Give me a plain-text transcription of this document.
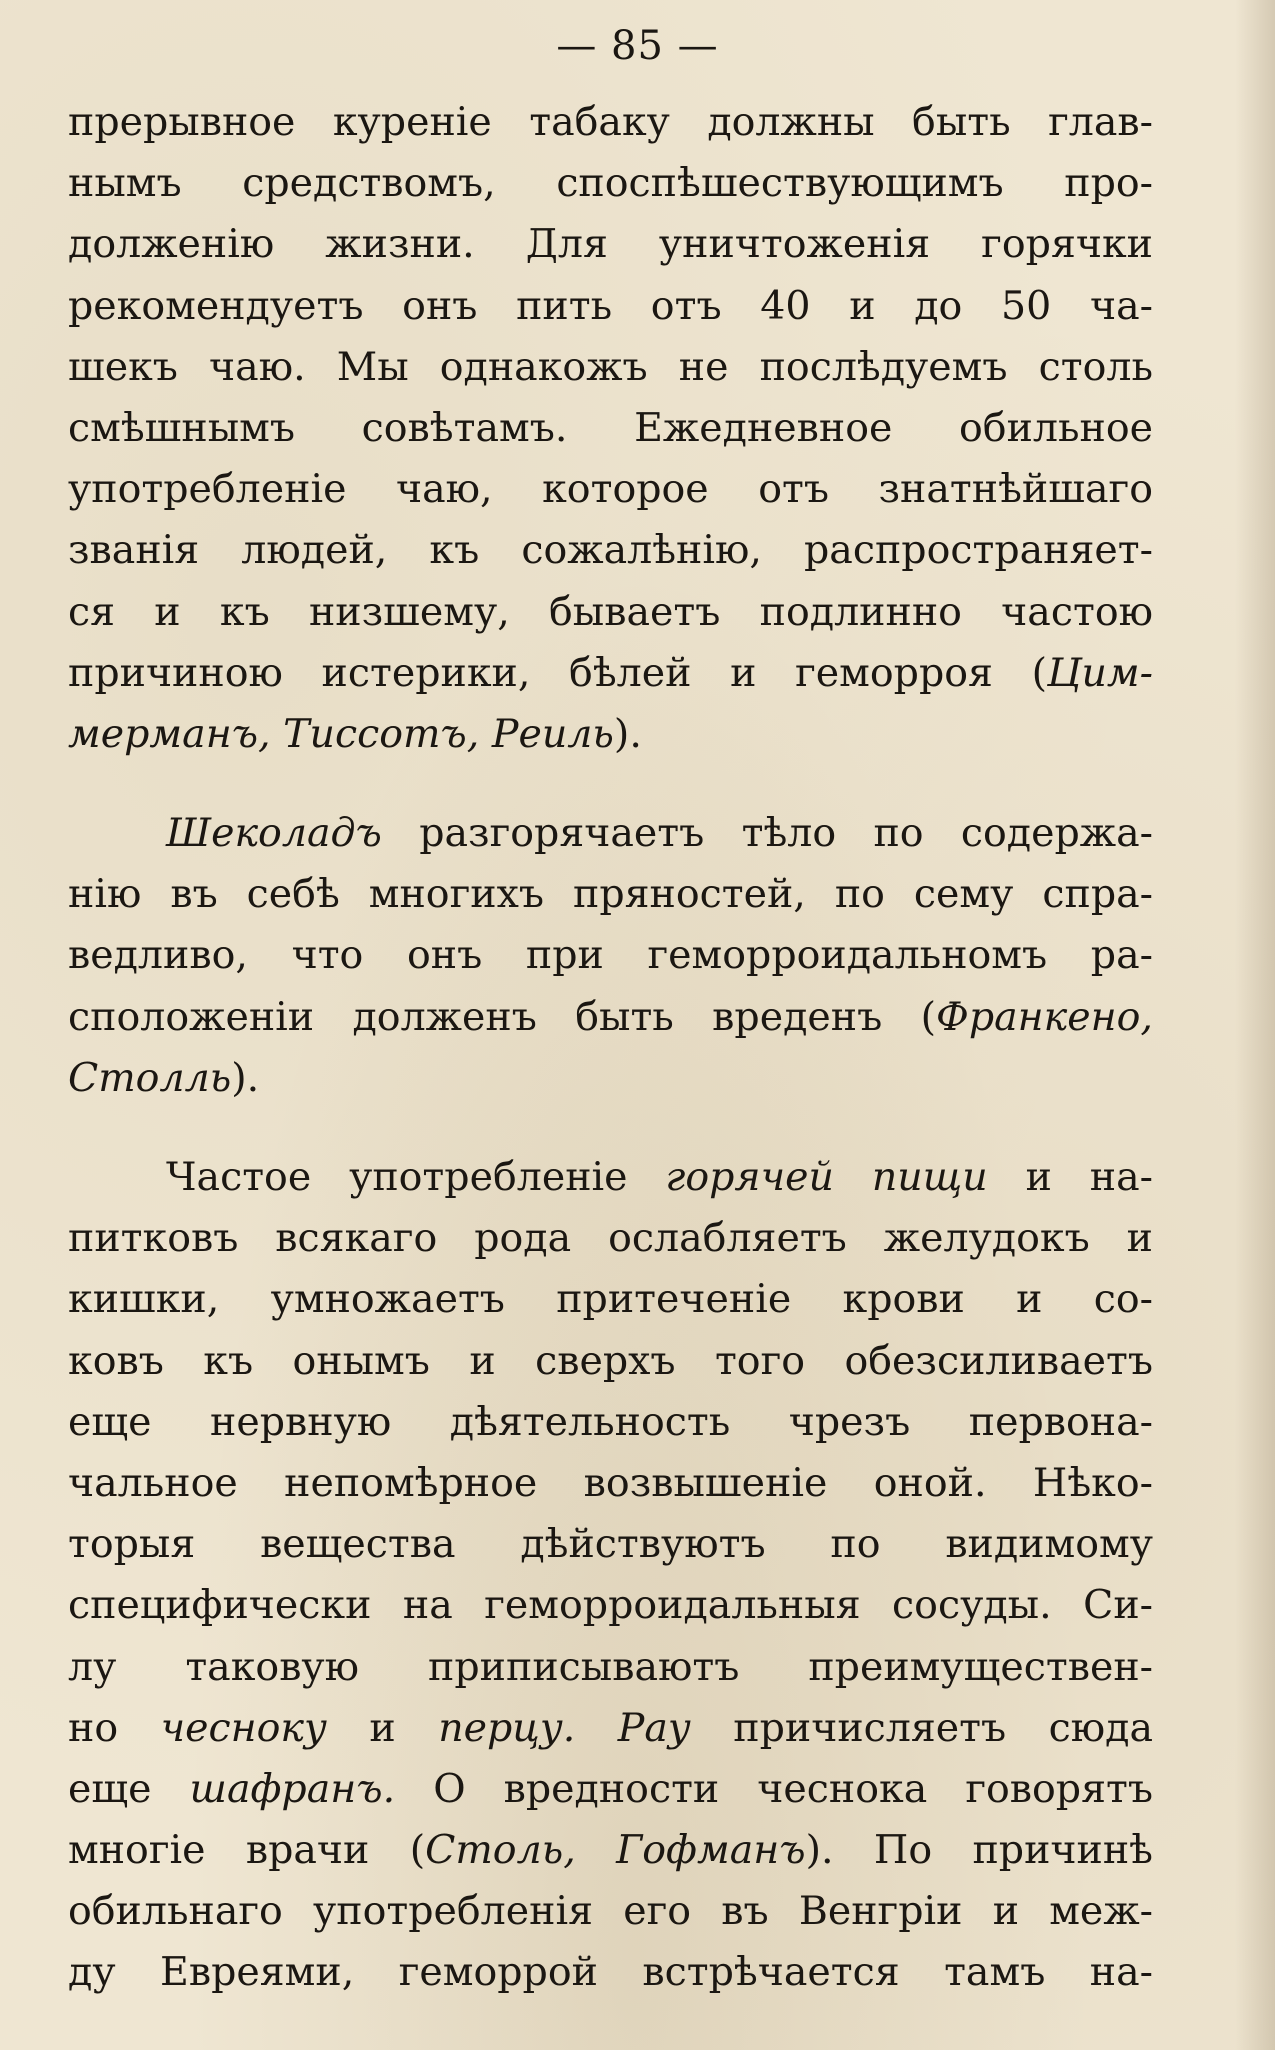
— 85 —
прерывное куреніе табаку должны быть глав-
нымъ средствомъ, споспѣшествующимъ про-
долженію жизни. Для уничтоженія горячки
рекомендуетъ онъ пить отъ 40 и до 50 ча-
шекъ чаю. Мы однакожъ не послѣдуемъ столь
смѣшнымъ совѣтамъ. Ежедневное обильное
употребленіе чаю, которое отъ знатнѣйшаго
званія людей, къ сожалѣнію, распространяет-
ся и къ низшему, бываетъ подлинно частою
причиною истерики, бѣлей и геморроя (Цим-
мерманъ, Тиссотъ, Реиль).
Шеколадъ разгорячаетъ тѣло по содержа-
нію въ себѣ многихъ пряностей, по сему спра-
ведливо, что онъ при геморроидальномъ ра-
сположеніи долженъ быть вреденъ (Франкено,
Столль).
Частое употребленіе горячей пищи и на-
питковъ всякаго рода ослабляетъ желудокъ и
кишки, умножаетъ притеченіе крови и со-
ковъ къ онымъ и сверхъ того обезсиливаетъ
еще нервную дѣятельность чрезъ первона-
чальное непомѣрное возвышеніе оной. Нѣко-
торыя вещества дѣйствуютъ по видимому
специфически на геморроидальныя сосуды. Си-
лу таковую приписываютъ преимуществен-
но чесноку и перцу. Рау причисляетъ сюда
еще шафранъ. О вредности чеснока говорятъ
многіе врачи (Столь, Гофманъ). По причинѣ
обильнаго употребленія его въ Венгріи и меж-
ду Евреями, геморрой встрѣчается тамъ на-
